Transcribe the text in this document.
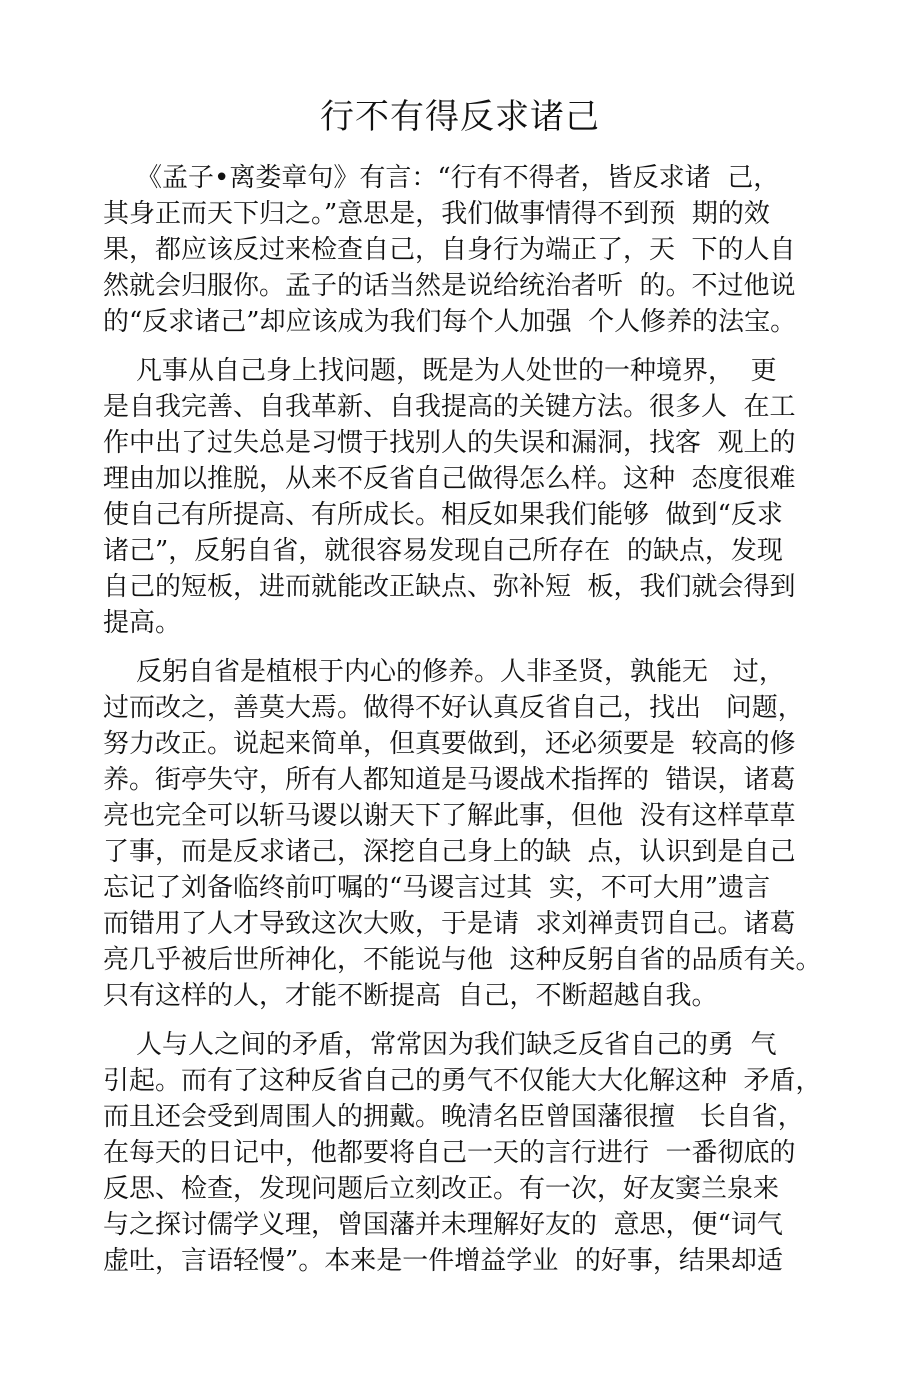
行不有得反求诸己
《孟子•离娄章句》有言：“行有不得者，皆反求诸  己，
其身正而天下归之。”意思是，我们做事情得不到预  期的效
果，都应该反过来检查自己，自身行为端正了，天  下的人自
然就会归服你。孟子的话当然是说给统治者听  的。不过他说
的“反求诸己”却应该成为我们每个人加强  个人修养的法宝。
凡事从自己身上找问题，既是为人处世的一种境界，  更
是自我完善、自我革新、自我提高的关键方法。很多人  在工
作中出了过失总是习惯于找别人的失误和漏洞，找客  观上的
理由加以推脱，从来不反省自己做得怎么样。这种  态度很难
使自己有所提高、有所成长。相反如果我们能够  做到“反求
诸己”，反躬自省，就很容易发现自己所存在  的缺点，发现
自己的短板，进而就能改正缺点、弥补短  板，我们就会得到
提高。
反躬自省是植根于内心的修养。人非圣贤，孰能无   过，
过而改之，善莫大焉。做得不好认真反省自己，找出   问题，
努力改正。说起来简单，但真要做到，还必须要是  较高的修
养。街亭失守，所有人都知道是马谡战术指挥的  错误，诸葛
亮也完全可以斩马谡以谢天下了解此事，但他  没有这样草草
了事，而是反求诸己，深挖自己身上的缺  点，认识到是自己
忘记了刘备临终前叮嘱的“马谡言过其  实，不可大用”遗言
而错用了人才导致这次大败，于是请  求刘禅责罚自己。诸葛
亮几乎被后世所神化，不能说与他  这种反躬自省的品质有关。
只有这样的人，才能不断提高  自己，不断超越自我。
人与人之间的矛盾，常常因为我们缺乏反省自己的勇  气
引起。而有了这种反省自己的勇气不仅能大大化解这种  矛盾，
而且还会受到周围人的拥戴。晚清名臣曾国藩很擅   长自省，
在每天的日记中，他都要将自己一天的言行进行  一番彻底的
反思、检查，发现问题后立刻改正。有一次，好友窦兰泉来
与之探讨儒学义理，曾国藩并未理解好友的  意思，便“词气
虚吐，言语轻慢”。本来是一件增益学业  的好事，结果却适
